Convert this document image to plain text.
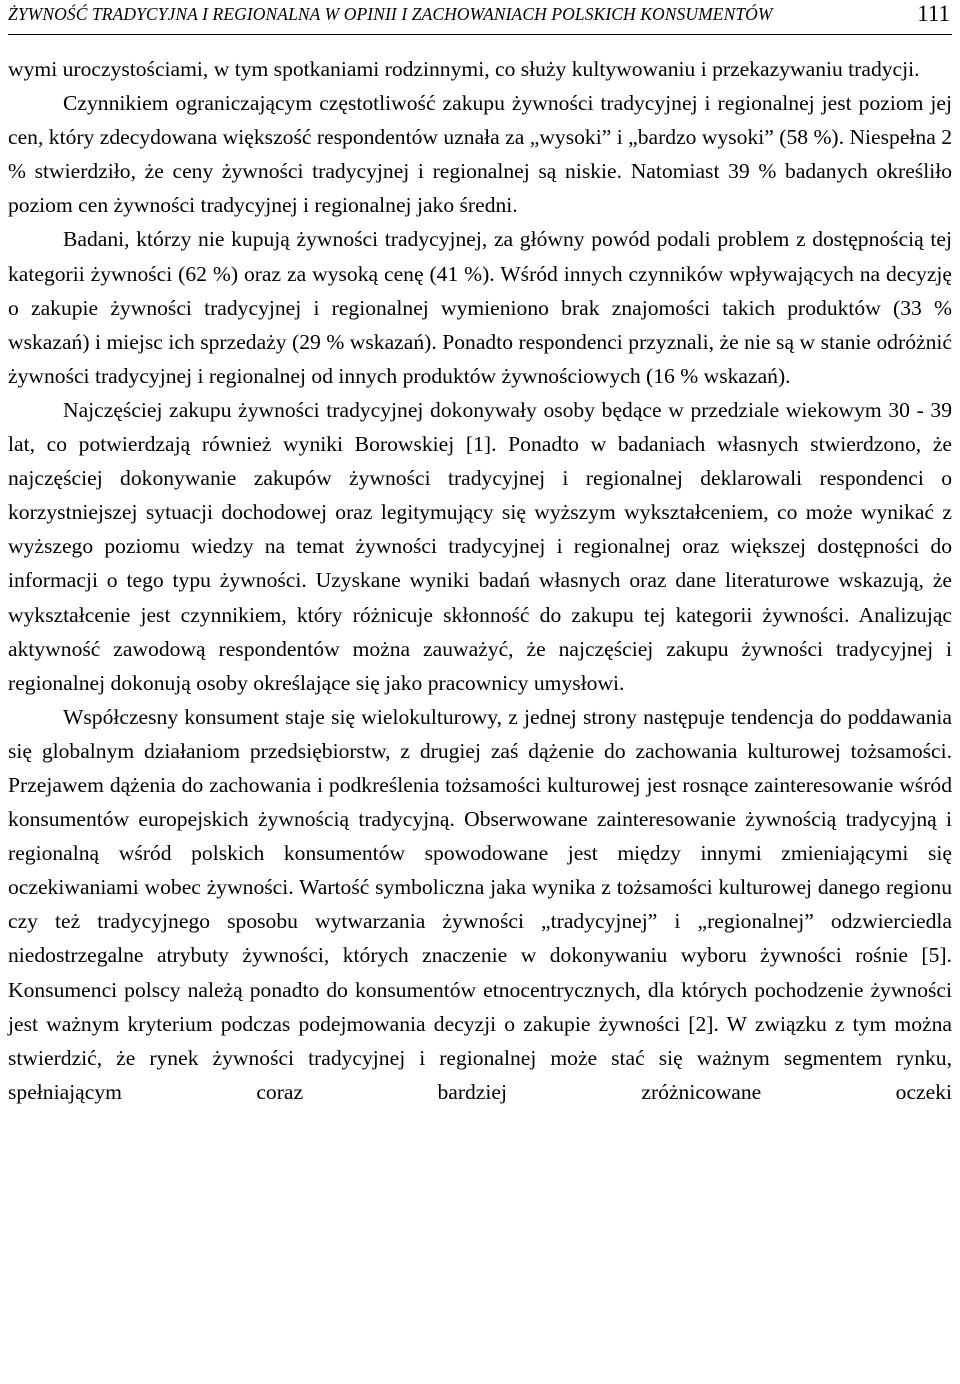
ŻYWNOŚĆ TRADYCYJNA I REGIONALNA W OPINII I ZACHOWANIACH POLSKICH KONSUMENTÓW	111

wymi uroczystościami, w tym spotkaniami rodzinnymi, co służy kultywowaniu i przekazywaniu tradycji.

Czynnikiem ograniczającym częstotliwość zakupu żywności tradycyjnej i regionalnej jest poziom jej cen, który zdecydowana większość respondentów uznała za „wysoki” i „bardzo wysoki” (58 %). Niespełna 2 % stwierdziło, że ceny żywności tradycyjnej i regionalnej są niskie. Natomiast 39 % badanych określiło poziom cen żywności tradycyjnej i regionalnej jako średni.

Badani, którzy nie kupują żywności tradycyjnej, za główny powód podali problem z dostępnością tej kategorii żywności (62 %) oraz za wysoką cenę (41 %). Wśród innych czynników wpływających na decyzję o zakupie żywności tradycyjnej i regionalnej wymieniono brak znajomości takich produktów (33 % wskazań) i miejsc ich sprzedaży (29 % wskazań). Ponadto respondenci przyznali, że nie są w stanie odróżnić żywności tradycyjnej i regionalnej od innych produktów żywnościowych (16 % wskazań).

Najczęściej zakupu żywności tradycyjnej dokonywały osoby będące w przedziale wiekowym 30 - 39 lat, co potwierdzają również wyniki Borowskiej [1]. Ponadto w badaniach własnych stwierdzono, że najczęściej dokonywanie zakupów żywności tradycyjnej i regionalnej deklarowali respondenci o korzystniejszej sytuacji dochodowej oraz legitymujący się wyższym wykształceniem, co może wynikać z wyższego poziomu wiedzy na temat żywności tradycyjnej i regionalnej oraz większej dostępności do informacji o tego typu żywności. Uzyskane wyniki badań własnych oraz dane literaturowe wskazują, że wykształcenie jest czynnikiem, który różnicuje skłonność do zakupu tej kategorii żywności. Analizując aktywność zawodową respondentów można zauważyć, że najczęściej zakupu żywności tradycyjnej i regionalnej dokonują osoby określające się jako pracownicy umysłowi.

Współczesny konsument staje się wielokulturowy, z jednej strony następuje tendencja do poddawania się globalnym działaniom przedsiębiorstw, z drugiej zaś dążenie do zachowania kulturowej tożsamości. Przejawem dążenia do zachowania i podkreślenia tożsamości kulturowej jest rosnące zainteresowanie wśród konsumentów europejskich żywnością tradycyjną. Obserwowane zainteresowanie żywnością tradycyjną i regionalną wśród polskich konsumentów spowodowane jest między innymi zmieniającymi się oczekiwaniami wobec żywności. Wartość symboliczna jaka wynika z tożsamości kulturowej danego regionu czy też tradycyjnego sposobu wytwarzania żywności „tradycyjnej” i „regionalnej” odzwierciedla niedostrzegalne atrybuty żywności, których znaczenie w dokonywaniu wyboru żywności rośnie [5]. Konsumenci polscy należą ponadto do konsumentów etnocentrycznych, dla których pochodzenie żywności jest ważnym kryterium podczas podejmowania decyzji o zakupie żywności [2]. W związku z tym można stwierdzić, że rynek żywności tradycyjnej i regionalnej może stać się ważnym segmentem rynku, spełniającym coraz bardziej zróżnicowane oczeki
